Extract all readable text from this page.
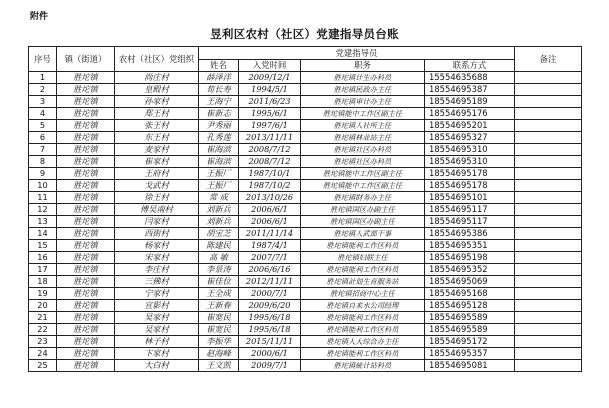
附件
昱利区农村（社区）党建指导员台账
序号	镇（街道）	农村（社区）党组织	党建指导员				备注
			姓名	入党时间	职务	联系方式	
1	胜坨镇	尚庄村	薛泽洋	2009/12/1	胜坨镇计生办科员	15554635688	
2	胜坨镇	皇殿村	荀长寿	1994/5/1	胜坨镇民政办主任	18554695387	
3	胜坨镇	孙家村	王海宁	2011/6/23	胜坨镇审计办主任	18554695189	
4	胜坨镇	郑王村	崔新志	1995/6/1	胜坨镇能中工作区副主任	18554695176	
5	胜坨镇	张王村	尹秀丽	1997/6/1	胜坨镇人社所主任	18554695201	
6	胜坨镇	东王村	孔秀莲	2013/11/11	胜坨镇林业站主任	18554695327	
7	胜坨镇	麦家村	崔海滨	2008/7/12	胜坨镇社区办科员	18554695310	
8	胜坨镇	崔家村	崔海滨	2008/7/12	胜坨镇社区办科员	18554695310	
9	胜坨镇	王府村	王振厂	1987/10/1	胜坨镇能中工作区副主任	18554695178	
10	胜坨镇	戈武村	王振厂	1987/10/2	胜坨镇能中工作区副主任	18554695178	
11	胜坨镇	徐王村	常 成	2013/10/26	胜坨镇財务办主任	18554695101	
12	胜坨镇	傅吴南村	刘新兵	2006/6/1	胜坨镇国区办副主任	18554695117	
13	胜坨镇	闫家村	刘新兵	2006/6/1	胜坨镇国区办副主任	18554695117	
14	胜坨镇	西街村	胡宝芝	2011/11/14	胜坨镇人武部干事	18554695386	
15	胜坨镇	杨家村	陈建民	1987/4/1	胜坨镇能利工作区科员	18554695351	
16	胜坨镇	宋家村	高 敏	2007/7/1	胜坨镇妇联主任	18554695198	
17	胜坨镇	李庄村	李景涛	2006/6/16	胜坨镇能利工作区科员	18554695352	
18	胜坨镇	三佛村	崔佳位	2012/11/11	胜坨镇計划生育服务站	18554695069	
19	胜坨镇	宁家村	王全成	2000/7/1	胜坨镇招商中心主任	18554695168	
20	胜坨镇	宣影村	王新春	2009/6/20	胜坨镇自来水公司经理	18554695128	
21	胜坨镇	吴家村	崔宽民	1995/6/18	胜坨镇能利工作区科员	18554695589	
22	胜坨镇	吴家村	崔宽民	1995/6/18	胜坨镇能利工作区科员	18554695589	
23	胜坨镇	林子村	李振华	2015/11/11	胜坨镇人大综合办主任	18554695172	
24	胜坨镇	卞家村	赵海峰	2000/6/1	胜坨镇能利工作区科员	18554695357	
25	胜坨镇	大白村	王文凯	2009/7/1	胜坨镇統计站科员	18554695081	
